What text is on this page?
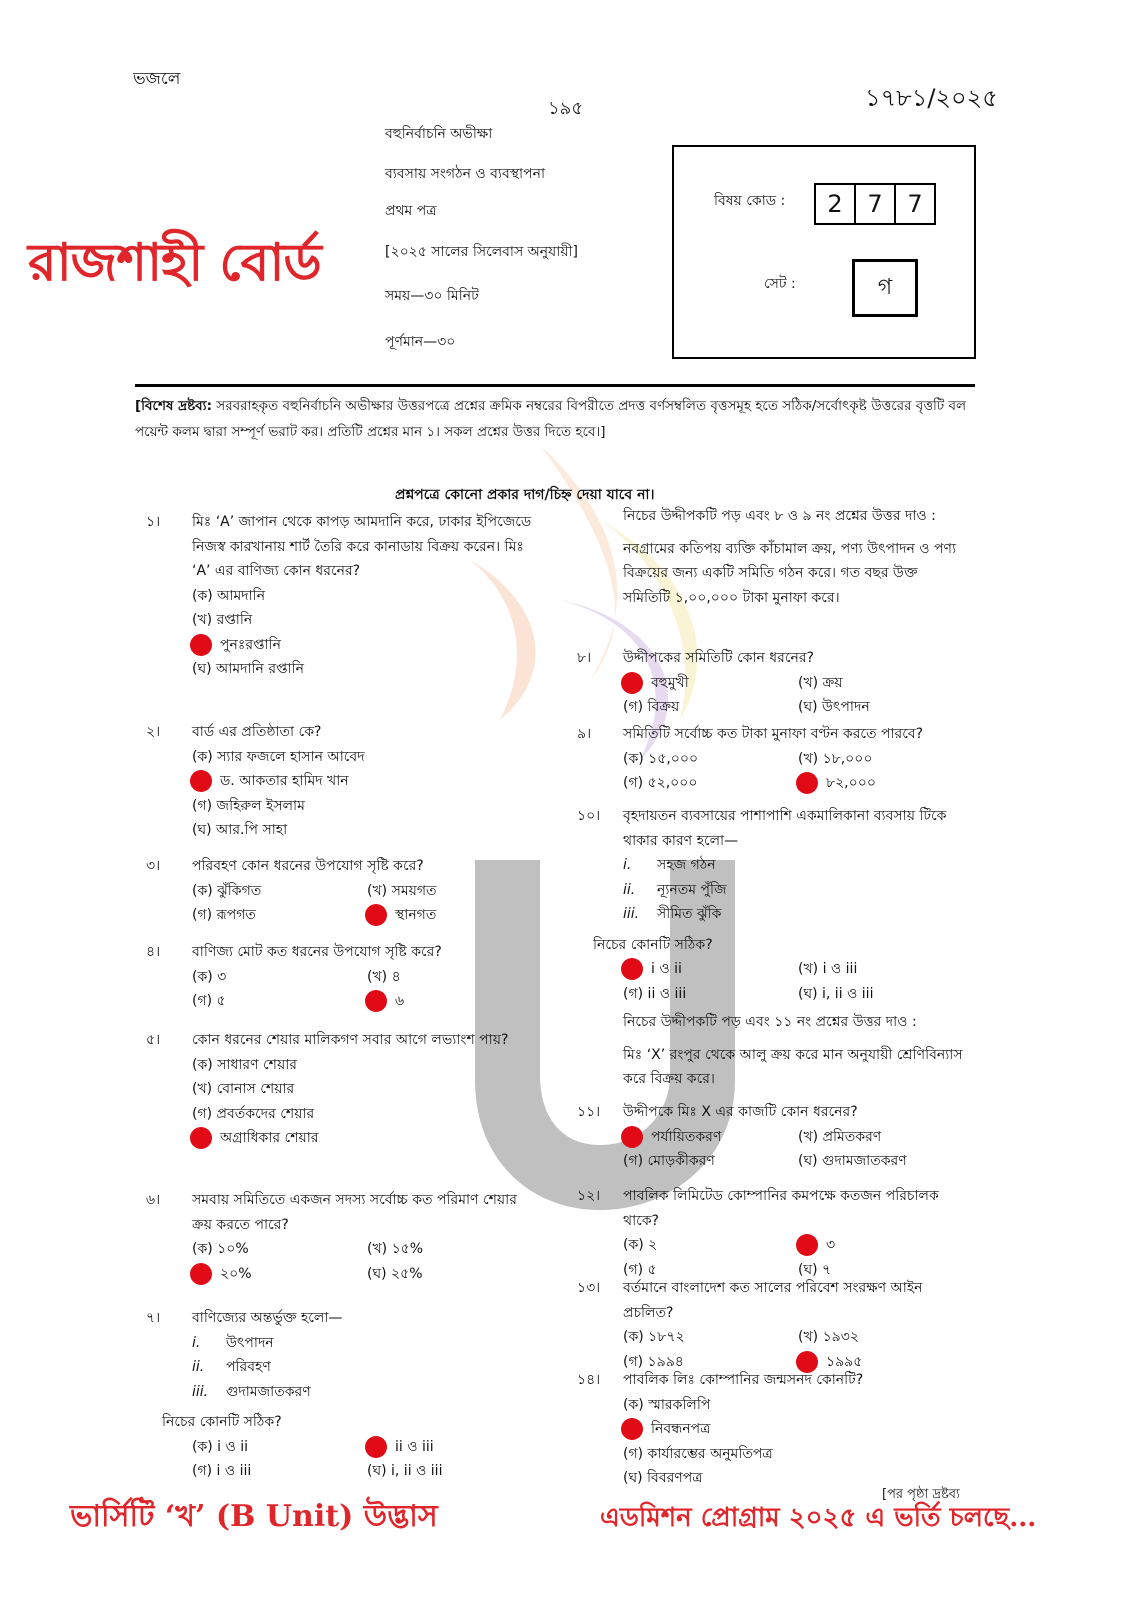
ভজলে
১৯৫	১৭৮১/২০২৫
বহুনির্বাচনি অভীক্ষা
ব্যবসায় সংগঠন ও ব্যবস্থাপনা
প্রথম পত্র
[২০২৫ সালের সিলেবাস অনুযায়ী]
সময়—৩০ মিনিট
পূর্ণমান—৩০
রাজশাহী বোর্ড
বিষয় কোড :	2	7	7
সেট :	গ
[বিশেষ দ্রষ্টব্য: সরবরাহকৃত বহুনির্বাচনি অভীক্ষার উত্তরপত্রে প্রশ্নের ক্রমিক নম্বরের বিপরীতে প্রদত্ত বর্ণসম্বলিত বৃত্তসমূহ হতে সঠিক/সর্বোৎকৃষ্ট উত্তরের বৃত্তটি বল পয়েন্ট কলম দ্বারা সম্পূর্ণ ভরাট কর। প্রতিটি প্রশ্নের মান ১। সকল প্রশ্নের উত্তর দিতে হবে।]
প্রশ্নপত্রে কোনো প্রকার দাগ/চিহ্ন দেয়া যাবে না।
১। মিঃ ‘A’ জাপান থেকে কাপড় আমদানি করে, ঢাকার ইপিজেডে নিজস্ব কারখানায় শার্ট তৈরি করে কানাডায় বিক্রয় করেন। মিঃ ‘A’ এর বাণিজ্য কোন ধরনের?
(ক) আমদানি
(খ) রপ্তানি
পুনঃরপ্তানি
(ঘ) আমদানি রপ্তানি
২। বার্ড এর প্রতিষ্ঠাতা কে?
(ক) স্যার ফজলে হাসান আবেদ
ড. আকতার হামিদ খান
(গ) জহিরুল ইসলাম
(ঘ) আর.পি সাহা
৩। পরিবহণ কোন ধরনের উপযোগ সৃষ্টি করে?
(ক) ঝুঁকিগত	(খ) সময়গত
(গ) রূপগত	স্থানগত
৪। বাণিজ্য মোট কত ধরনের উপযোগ সৃষ্টি করে?
(ক) ৩	(খ) ৪
(গ) ৫	৬
৫। কোন ধরনের শেয়ার মালিকগণ সবার আগে লভ্যাংশ পায়?
(ক) সাধারণ শেয়ার
(খ) বোনাস শেয়ার
(গ) প্রবর্তকদের শেয়ার
অগ্রাধিকার শেয়ার
৬। সমবায় সমিতিতে একজন সদস্য সর্বোচ্চ কত পরিমাণ শেয়ার ক্রয় করতে পারে?
(ক) ১০%	(খ) ১৫%
২০%	(ঘ) ২৫%
৭। বাণিজ্যের অন্তর্ভুক্ত হলো—
i. উৎপাদন
ii. পরিবহণ
iii. গুদামজাতকরণ
নিচের কোনটি সঠিক?
(ক) i ও ii	ii ও iii
(গ) i ও iii	(ঘ) i, ii ও iii
নিচের উদ্দীপকটি পড় এবং ৮ ও ৯ নং প্রশ্নের উত্তর দাও :
নবগ্রামের কতিপয় ব্যক্তি কাঁচামাল ক্রয়, পণ্য উৎপাদন ও পণ্য বিক্রয়ের জন্য একটি সমিতি গঠন করে। গত বছর উক্ত সমিতিটি ১,০০,০০০ টাকা মুনাফা করে।
৮। উদ্দীপকের সমিতিটি কোন ধরনের?
বহুমুখী	(খ) ক্রয়
(গ) বিক্রয়	(ঘ) উৎপাদন
৯। সমিতিটি সর্বোচ্চ কত টাকা মুনাফা বণ্টন করতে পারবে?
(ক) ১৫,০০০	(খ) ১৮,০০০
(গ) ৫২,০০০	৮২,০০০
১০। বৃহদায়তন ব্যবসায়ের পাশাপাশি একমালিকানা ব্যবসায় টিকে থাকার কারণ হলো—
i. সহজ গঠন
ii. ন্যূনতম পুঁজি
iii. সীমিত ঝুঁকি
নিচের কোনটি সঠিক?
i ও ii	(খ) i ও iii
(গ) ii ও iii	(ঘ) i, ii ও iii
নিচের উদ্দীপকটি পড় এবং ১১ নং প্রশ্নের উত্তর দাও :
মিঃ ‘X’ রংপুর থেকে আলু ক্রয় করে মান অনুযায়ী শ্রেণিবিন্যাস করে বিক্রয় করে।
১১। উদ্দীপকে মিঃ X এর কাজটি কোন ধরনের?
পর্যায়িতকরণ	(খ) প্রমিতকরণ
(গ) মোড়কীকরণ	(ঘ) গুদামজাতকরণ
১২। পাবলিক লিমিটেড কোম্পানির কমপক্ষে কতজন পরিচালক থাকে?
(ক) ২	৩
(গ) ৫	(ঘ) ৭
১৩। বর্তমানে বাংলাদেশ কত সালের পরিবেশ সংরক্ষণ আইন প্রচলিত?
(ক) ১৮৭২	(খ) ১৯৩২
(গ) ১৯৯৪	১৯৯৫
১৪। পাবলিক লিঃ কোম্পানির জন্মসনদ কোনটি?
(ক) স্মারকলিপি
নিবন্ধনপত্র
(গ) কার্যারম্ভের অনুমতিপত্র
(ঘ) বিবরণপত্র
[পর পৃষ্ঠা দ্রষ্টব্য
ভার্সিটি ‘খ’ (B Unit) উদ্ভাস	এডমিশন প্রোগ্রাম ২০২৫ এ ভর্তি চলছে...
